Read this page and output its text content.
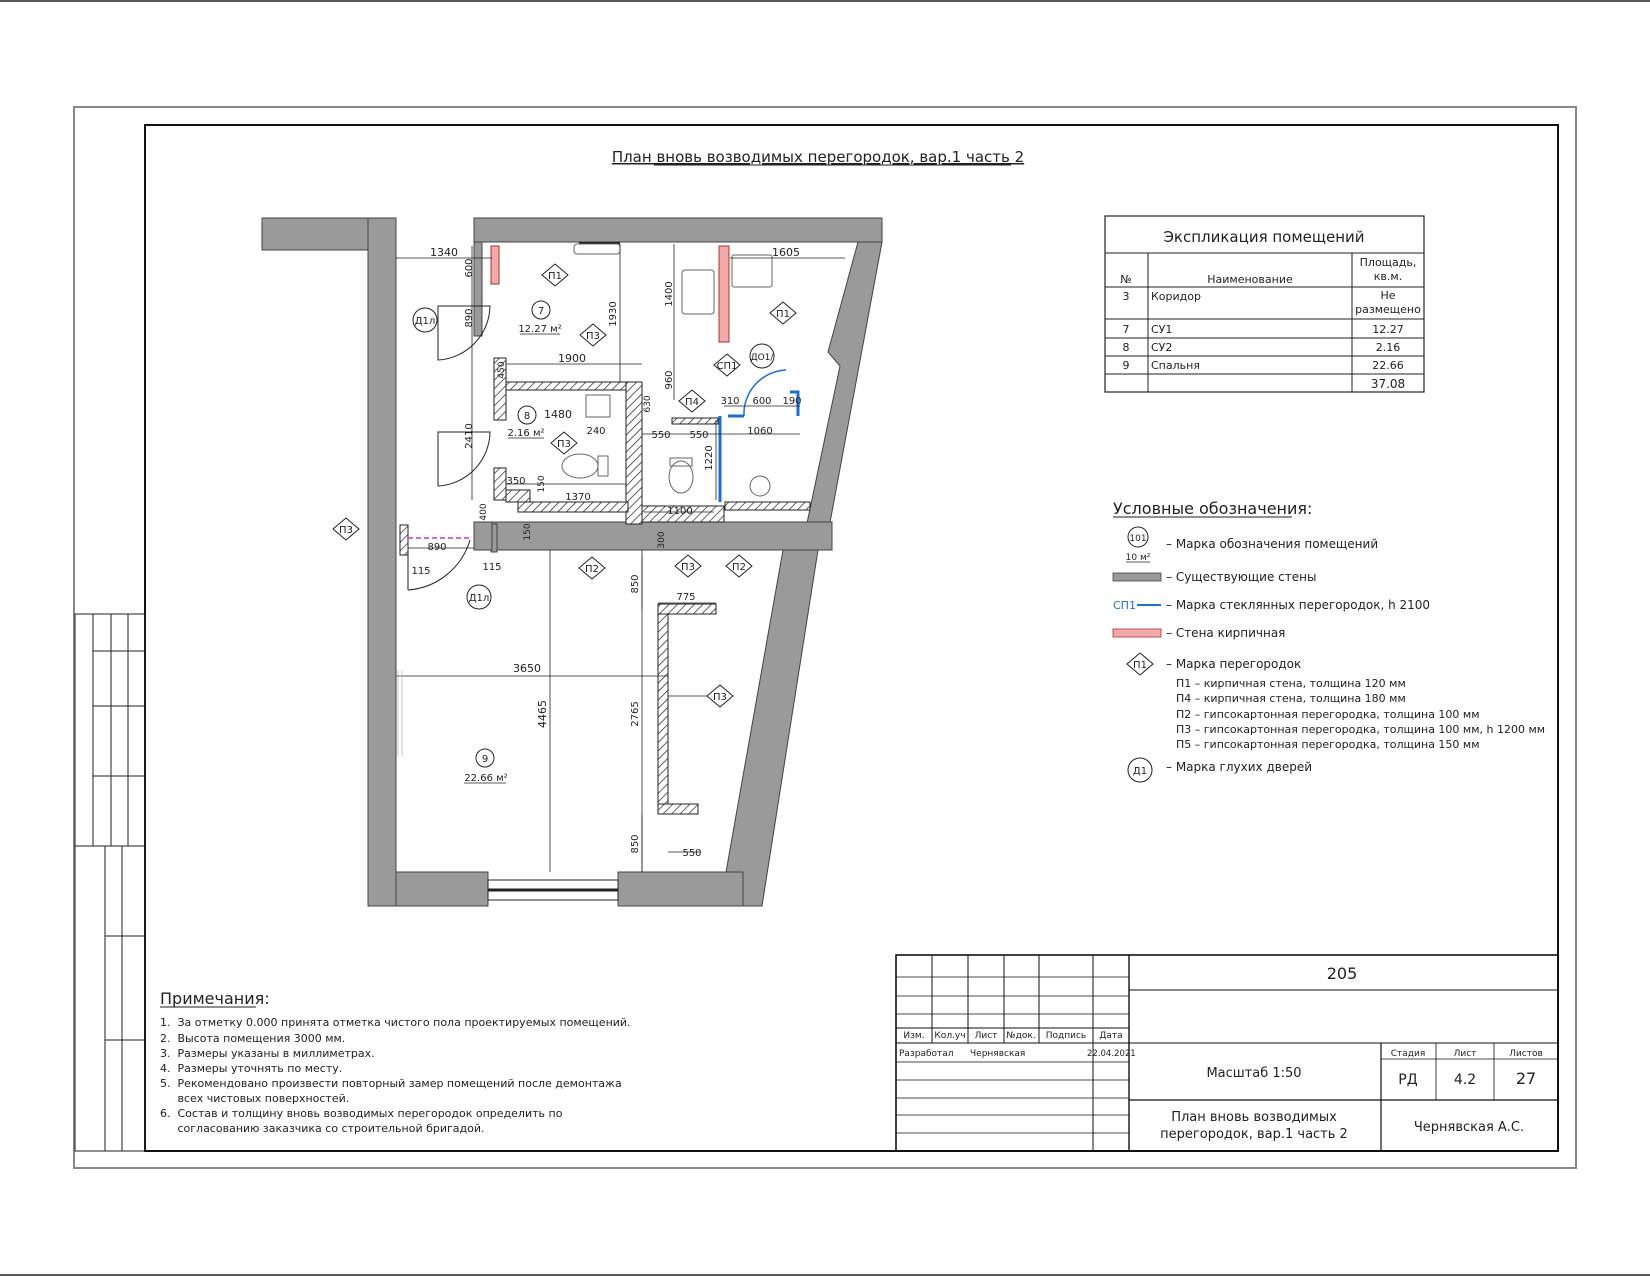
План вновь возводимых перегородок, вар.1 часть 2
1340	1605
600
890	1930
1400
1900
450
960
310 600 190
1480
630
240	550 550	1060
2410
1220
350 150
1370
400	1100
150	300
890
115	115
850
775
3650
4465	2765
850	550
7
12.27 м²
8
2.16 м²
9
22.66 м²
П1
П1
П3
СП1
П4
П3
П3
П2	П3	П2
П3
Д1л
Д1л
ДО1/
Экспликация помещений
№	Наименование
Площадь, кв.м.
3 Коридор	Не размещено
7 СУ1	12.27
8 СУ2	2.16
9 Спальня	22.66
37.08
Условные обозначения:
101
10 м²
– Марка обозначения помещений
– Существующие стены
СП1	– Марка стеклянных перегородок, h 2100
– Стена кирпичная
П1 – Марка перегородок
П1 – кирпичная стена, толщина 120 мм
П4 – кирпичная стена, толщина 180 мм
П2 – гипсокартонная перегородка, толщина 100 мм
П3 – гипсокартонная перегородка, толщина 100 мм, h 1200 мм
П5 – гипсокартонная перегородка, толщина 150 мм
Д1 – Марка глухих дверей
Примечания:
1.  За отметку 0.000 принята отметка чистого пола проектируемых помещений.
2.  Высота помещения 3000 мм.
3.  Размеры указаны в миллиметрах.
4.  Размеры уточнять по месту.
5.  Рекомендовано произвести повторный замер помещений после демонтажа
всех чистовых поверхностей.
6.  Состав и толщину вновь возводимых перегородок определить по
согласованию заказчика со строительной бригадой.
Изм. Кол.уч Лист №док. Подпись Дата
Разработал Чернявская	22.04.2021
205
Масштаб 1:50
Стадия	Лист	Листов
РД	4.2 27
План вновь возводимых
перегородок, вар.1 часть 2	Чернявская А.С.
